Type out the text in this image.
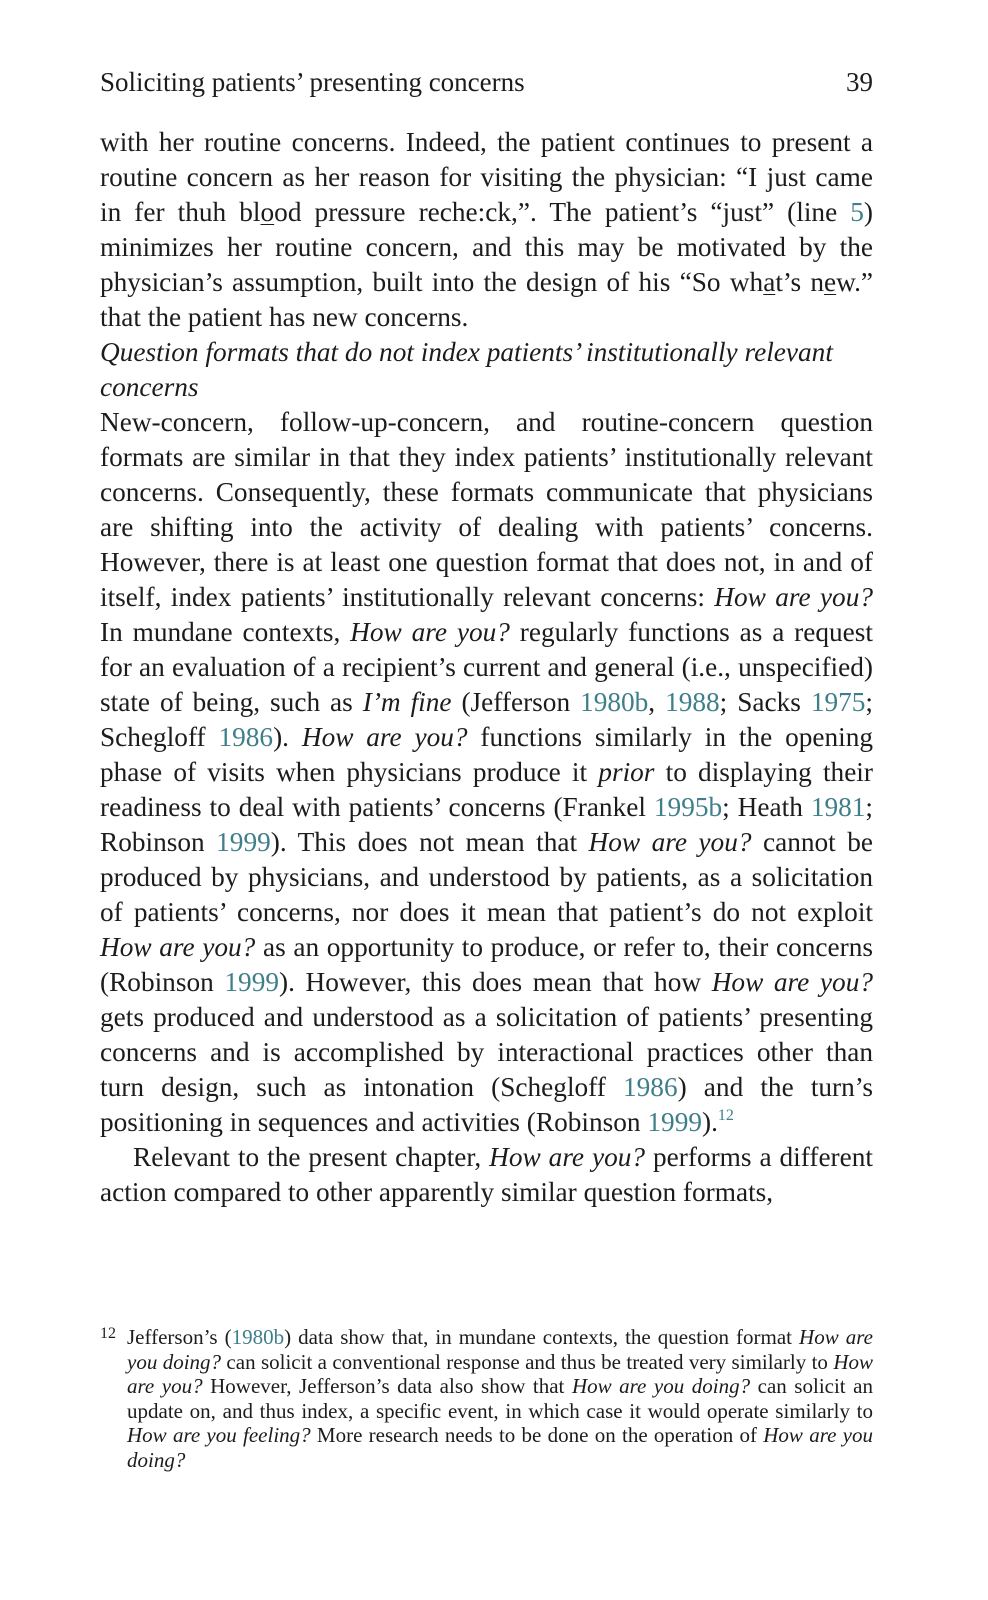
Soliciting patients’ presenting concerns	39

with her routine concerns. Indeed, the patient continues to present a routine concern as her reason for visiting the physician: “I just came in fer thuh blood pressure reche:ck,”. The patient’s “just” (line 5) minimizes her routine concern, and this may be motivated by the physician’s assumption, built into the design of his “So what’s new.” that the patient has new concerns.

Question formats that do not index patients’ institutionally relevant concerns

New-concern, follow-up-concern, and routine-concern question formats are similar in that they index patients’ institutionally relevant concerns. Consequently, these formats communicate that physicians are shifting into the activity of dealing with patients’ concerns. However, there is at least one question format that does not, in and of itself, index patients’ institutionally relevant concerns: How are you? In mundane contexts, How are you? regularly functions as a request for an evaluation of a recipient’s current and general (i.e., unspecified) state of being, such as I’m fine (Jefferson 1980b, 1988; Sacks 1975; Schegloff 1986). How are you? functions similarly in the opening phase of visits when physicians produce it prior to displaying their readiness to deal with patients’ concerns (Frankel 1995b; Heath 1981; Robinson 1999). This does not mean that How are you? cannot be produced by physicians, and understood by patients, as a solicitation of patients’ concerns, nor does it mean that patient’s do not exploit How are you? as an opportunity to produce, or refer to, their concerns (Robinson 1999). However, this does mean that how How are you? gets produced and understood as a solicitation of patients’ presenting concerns and is accomplished by interactional practices other than turn design, such as intonation (Schegloff 1986) and the turn’s positioning in sequences and activities (Robinson 1999).$^{12}$

Relevant to the present chapter, How are you? performs a different action compared to other apparently similar question formats,

12 Jefferson’s (1980b) data show that, in mundane contexts, the question format How are you doing? can solicit a conventional response and thus be treated very similarly to How are you? However, Jefferson’s data also show that How are you doing? can solicit an update on, and thus index, a specific event, in which case it would operate similarly to How are you feeling? More research needs to be done on the operation of How are you doing?
